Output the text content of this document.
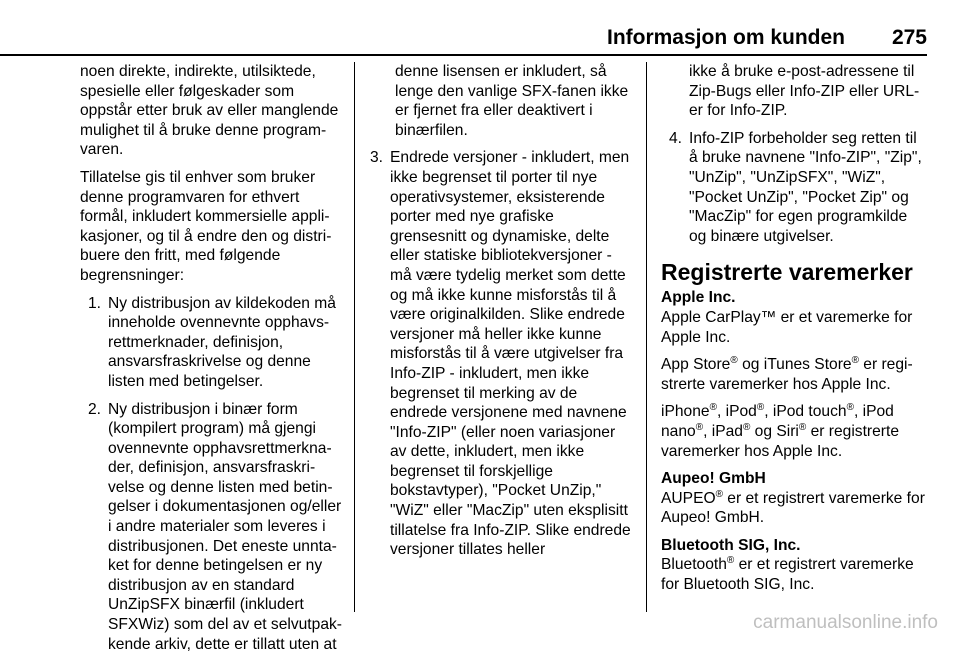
Informasjon om kunden 275

noen direkte, indirekte, utilsiktede, spesielle eller følgeskader som oppstår etter bruk av eller manglende mulighet til å bruke denne programvaren.

Tillatelse gis til enhver som bruker denne programvaren for ethvert formål, inkludert kommersielle applikasjoner, og til å endre den og distribuere den fritt, med følgende begrensninger:

1. Ny distribusjon av kildekoden må inneholde ovennevnte opphavsrettmerknader, definisjon, ansvarsfraskrivelse og denne listen med betingelser.
2. Ny distribusjon i binær form (kompilert program) må gjengi ovennevnte opphavsrettmerknader, definisjon, ansvarsfraskrivelse og denne listen med betingelser i dokumentasjonen og/eller i andre materialer som leveres i distribusjonen. Det eneste unntaket for denne betingelsen er ny distribusjon av en standard UnZipSFX binærfil (inkludert SFXWiz) som del av et selvutpakkende arkiv, dette er tillatt uten at
denne lisensen er inkludert, så lenge den vanlige SFX-fanen ikke er fjernet fra eller deaktivert i binærfilen.
3. Endrede versjoner - inkludert, men ikke begrenset til porter til nye operativsystemer, eksisterende porter med nye grafiske grensesnitt og dynamiske, delte eller statiske bibliotekversjoner - må være tydelig merket som dette og må ikke kunne misforstås til å være originalkilden. Slike endrede versjoner må heller ikke kunne misforstås til å være utgivelser fra Info-ZIP - inkludert, men ikke begrenset til merking av de endrede versjonene med navnene "Info-ZIP" (eller noen variasjoner av dette, inkludert, men ikke begrenset til forskjellige bokstavtyper), "Pocket UnZip," "WiZ" eller "MacZip" uten eksplisitt tillatelse fra Info-ZIP. Slike endrede versjoner tillates heller
ikke å bruke e-post-adressene til Zip-Bugs eller Info-ZIP eller URL-er for Info-ZIP.
4. Info-ZIP forbeholder seg retten til å bruke navnene "Info-ZIP", "Zip", "UnZip", "UnZipSFX", "WiZ", "Pocket UnZip", "Pocket Zip" og "MacZip" for egen programkilde og binære utgivelser.
Registrerte varemerker
Apple Inc.

Apple CarPlay™ er et varemerke for Apple Inc.

App Store® og iTunes Store® er registrerte varemerker hos Apple Inc.

iPhone®, iPod®, iPod touch®, iPod nano®, iPad® og Siri® er registrerte varemerker hos Apple Inc.

Aupeo! GmbH

AUPEO® er et registrert varemerke for Aupeo! GmbH.

Bluetooth SIG, Inc.

Bluetooth® er et registrert varemerke for Bluetooth SIG, Inc.

carmanualsonline.info
